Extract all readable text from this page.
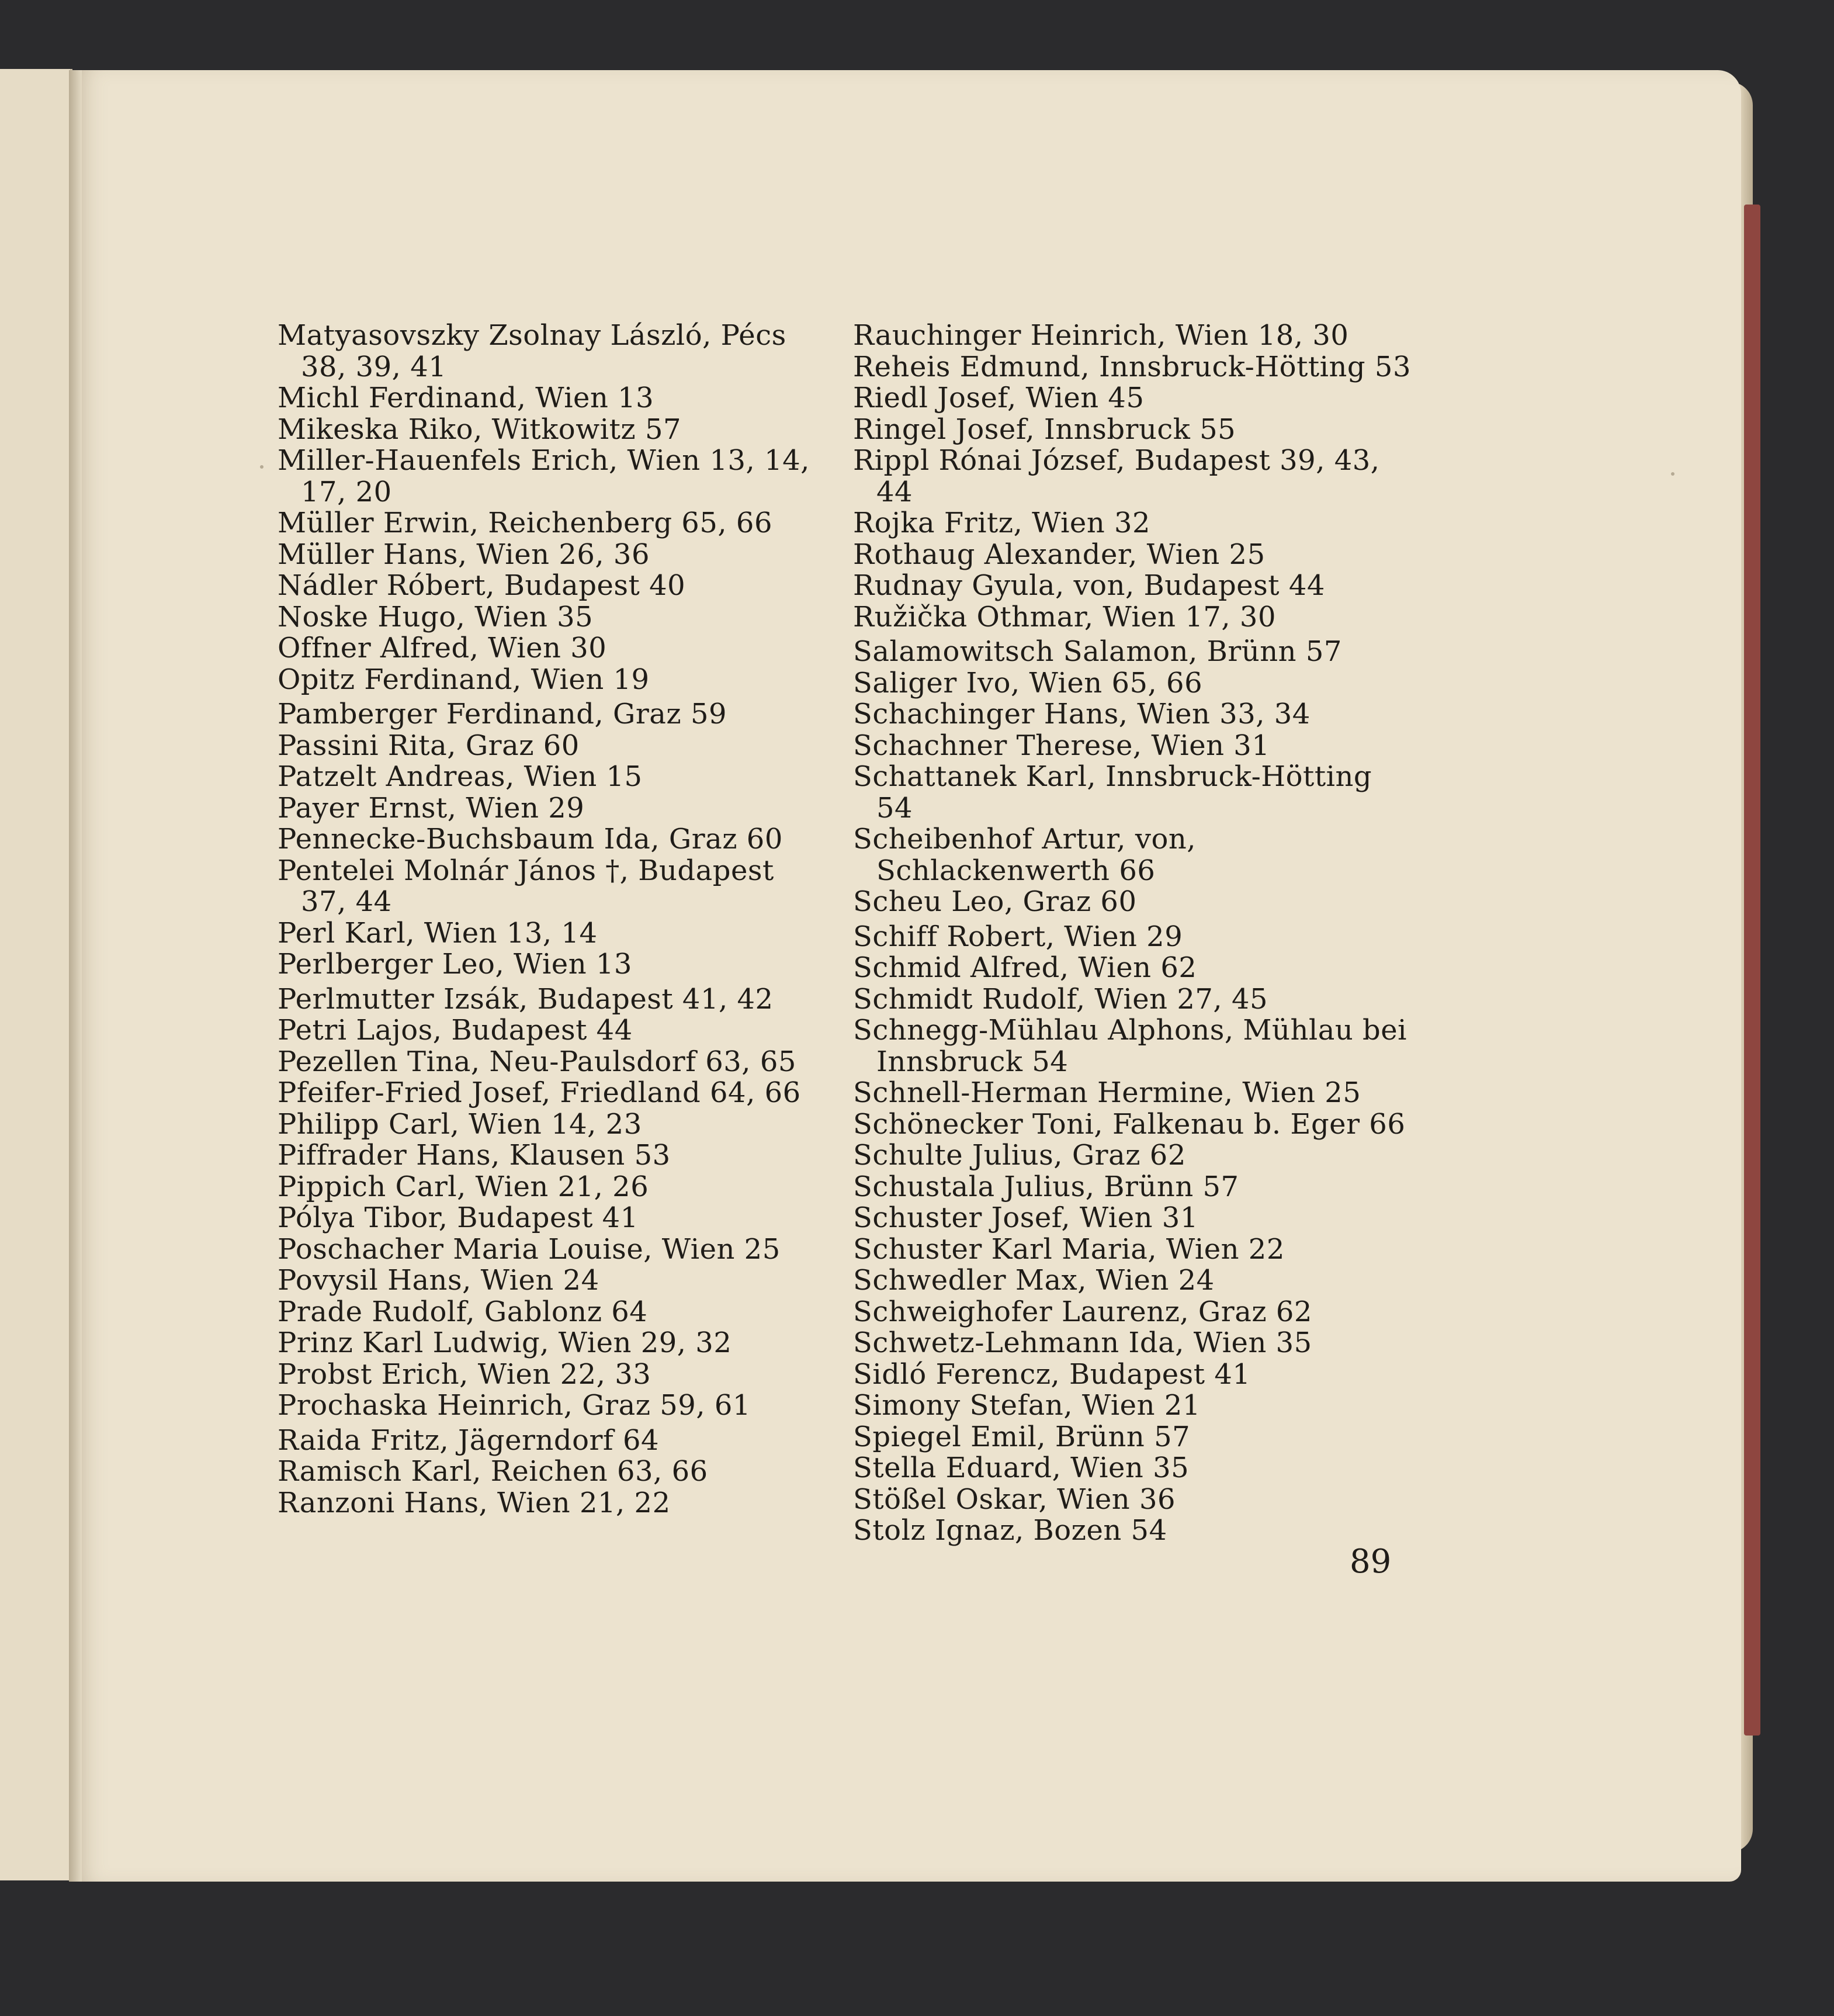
Matyasovszky Zsolnay László, Pécs 38, 39, 41
Michl Ferdinand, Wien 13
Mikeska Riko, Witkowitz 57
Miller-Hauenfels Erich, Wien 13, 14, 17, 20
Müller Erwin, Reichenberg 65, 66
Müller Hans, Wien 26, 36
Nádler Róbert, Budapest 40
Noske Hugo, Wien 35
Offner Alfred, Wien 30
Opitz Ferdinand, Wien 19
Pamberger Ferdinand, Graz 59
Passini Rita, Graz 60
Patzelt Andreas, Wien 15
Payer Ernst, Wien 29
Pennecke-Buchsbaum Ida, Graz 60
Pentelei Molnár János †, Budapest 37, 44
Perl Karl, Wien 13, 14
Perlberger Leo, Wien 13
Perlmutter Izsák, Budapest 41, 42
Petri Lajos, Budapest 44
Pezellen Tina, Neu-Paulsdorf 63, 65
Pfeifer-Fried Josef, Friedland 64, 66
Philipp Carl, Wien 14, 23
Piffrader Hans, Klausen 53
Pippich Carl, Wien 21, 26
Pólya Tibor, Budapest 41
Poschacher Maria Louise, Wien 25
Povysil Hans, Wien 24
Prade Rudolf, Gablonz 64
Prinz Karl Ludwig, Wien 29, 32
Probst Erich, Wien 22, 33
Prochaska Heinrich, Graz 59, 61
Raida Fritz, Jägerndorf 64
Ramisch Karl, Reichen 63, 66
Ranzoni Hans, Wien 21, 22
Rauchinger Heinrich, Wien 18, 30
Reheis Edmund, Innsbruck-Hötting 53
Riedl Josef, Wien 45
Ringel Josef, Innsbruck 55
Rippl Rónai József, Budapest 39, 43, 44
Rojka Fritz, Wien 32
Rothaug Alexander, Wien 25
Rudnay Gyula, von, Budapest 44
Ružička Othmar, Wien 17, 30
Salamowitsch Salamon, Brünn 57
Saliger Ivo, Wien 65, 66
Schachinger Hans, Wien 33, 34
Schachner Therese, Wien 31
Schattanek Karl, Innsbruck-Hötting 54
Scheibenhof Artur, von, Schlackenwerth 66
Scheu Leo, Graz 60
Schiff Robert, Wien 29
Schmid Alfred, Wien 62
Schmidt Rudolf, Wien 27, 45
Schnegg-Mühlau Alphons, Mühlau bei Innsbruck 54
Schnell-Herman Hermine, Wien 25
Schönecker Toni, Falkenau b. Eger 66
Schulte Julius, Graz 62
Schustala Julius, Brünn 57
Schuster Josef, Wien 31
Schuster Karl Maria, Wien 22
Schwedler Max, Wien 24
Schweighofer Laurenz, Graz 62
Schwetz-Lehmann Ida, Wien 35
Sidló Ferencz, Budapest 41
Simony Stefan, Wien 21
Spiegel Emil, Brünn 57
Stella Eduard, Wien 35
Stößel Oskar, Wien 36
Stolz Ignaz, Bozen 54
89
